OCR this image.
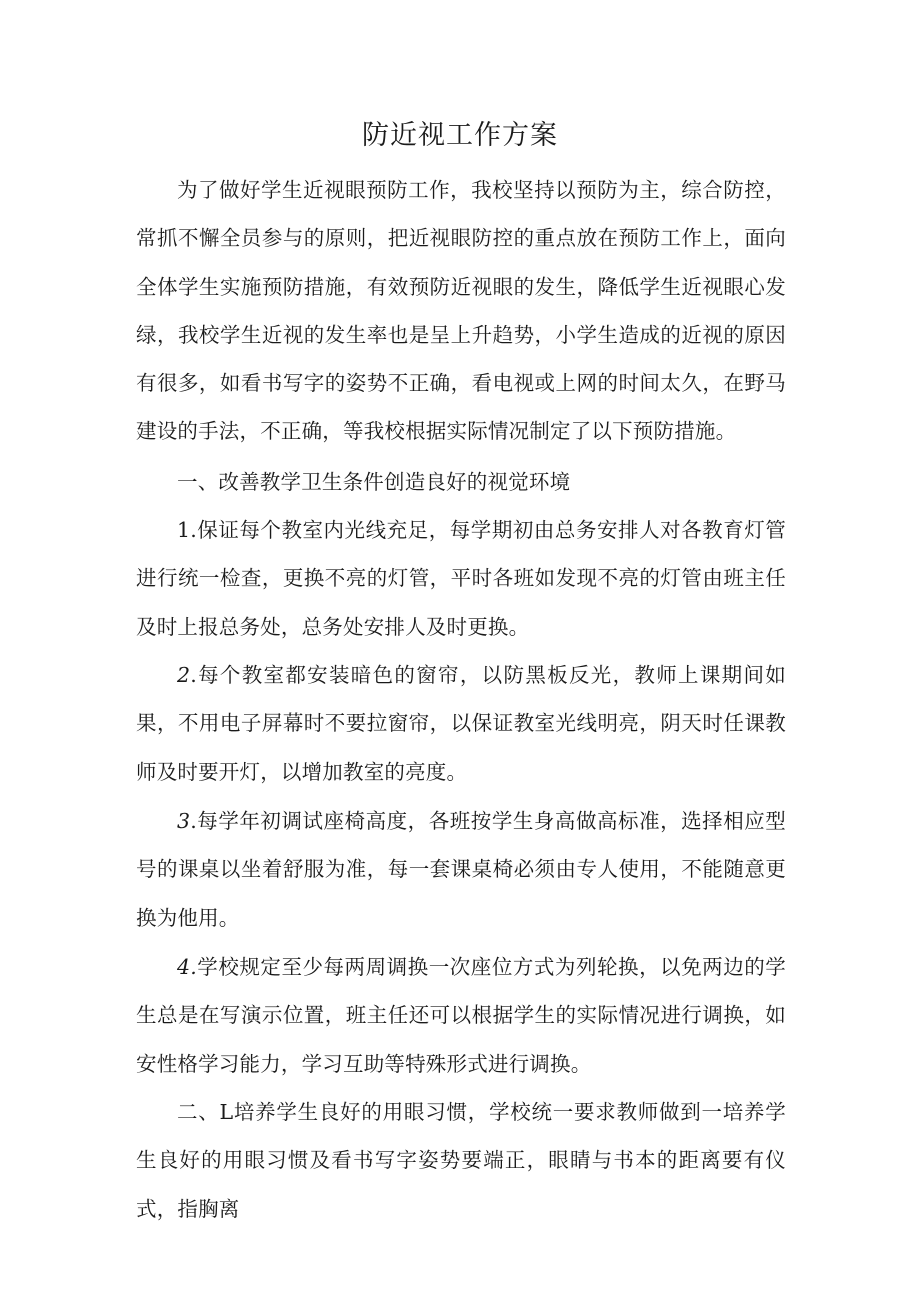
防近视工作方案

为了做好学生近视眼预防工作，我校坚持以预防为主，综合防控，常抓不懈全员参与的原则，把近视眼防控的重点放在预防工作上，面向全体学生实施预防措施，有效预防近视眼的发生，降低学生近视眼心发绿，我校学生近视的发生率也是呈上升趋势，小学生造成的近视的原因有很多，如看书写字的姿势不正确，看电视或上网的时间太久，在野马建设的手法，不正确，等我校根据实际情况制定了以下预防措施。

一、改善教学卫生条件创造良好的视觉环境

1.保证每个教室内光线充足，每学期初由总务安排人对各教育灯管进行统一检查，更换不亮的灯管，平时各班如发现不亮的灯管由班主任及时上报总务处，总务处安排人及时更换。

2.每个教室都安装暗色的窗帘，以防黑板反光，教师上课期间如果，不用电子屏幕时不要拉窗帘，以保证教室光线明亮，阴天时任课教师及时要开灯，以增加教室的亮度。

3.每学年初调试座椅高度，各班按学生身高做高标准，选择相应型号的课桌以坐着舒服为准，每一套课桌椅必须由专人使用，不能随意更换为他用。

4.学校规定至少每两周调换一次座位方式为列轮换，以免两边的学生总是在写演示位置，班主任还可以根据学生的实际情况进行调换，如安性格学习能力，学习互助等特殊形式进行调换。

二、L培养学生良好的用眼习惯，学校统一要求教师做到一培养学生良好的用眼习惯及看书写字姿势要端正，眼睛与书本的距离要有仪式，指胸离
